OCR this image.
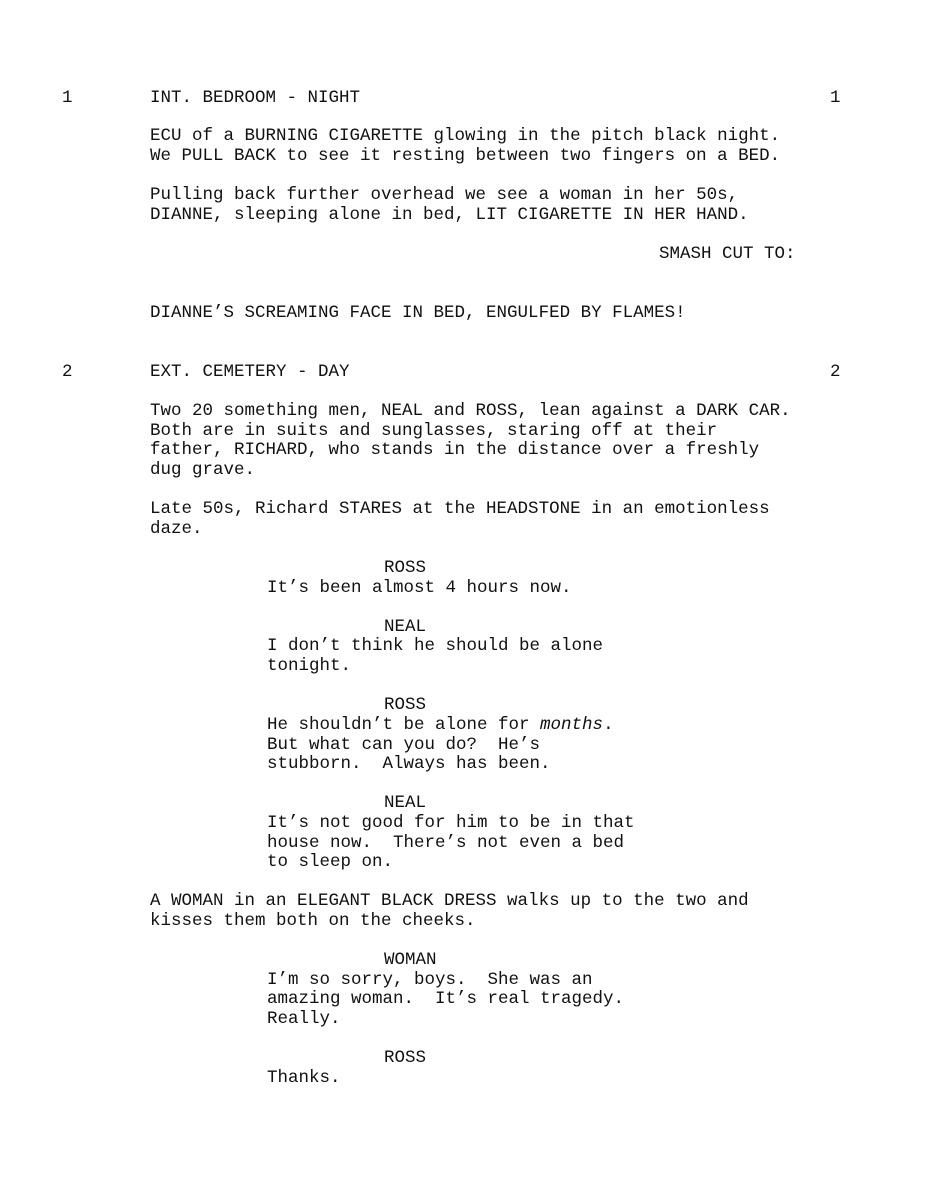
1	INT. BEDROOM - NIGHT	1
ECU of a BURNING CIGARETTE glowing in the pitch black night.
We PULL BACK to see it resting between two fingers on a BED.
Pulling back further overhead we see a woman in her 50s,
DIANNE, sleeping alone in bed, LIT CIGARETTE IN HER HAND.
SMASH CUT TO:
DIANNE’S SCREAMING FACE IN BED, ENGULFED BY FLAMES!
2	EXT. CEMETERY - DAY	2
Two 20 something men, NEAL and ROSS, lean against a DARK CAR.
Both are in suits and sunglasses, staring off at their
father, RICHARD, who stands in the distance over a freshly
dug grave.
Late 50s, Richard STARES at the HEADSTONE in an emotionless
daze.
ROSS
It’s been almost 4 hours now.
NEAL
I don’t think he should be alone
tonight.
ROSS
He shouldn’t be alone for months.
But what can you do?  He’s
stubborn.  Always has been.
NEAL
It’s not good for him to be in that
house now.  There’s not even a bed
to sleep on.
A WOMAN in an ELEGANT BLACK DRESS walks up to the two and
kisses them both on the cheeks.
WOMAN
I’m so sorry, boys.  She was an
amazing woman.  It’s real tragedy.
Really.
ROSS
Thanks.
